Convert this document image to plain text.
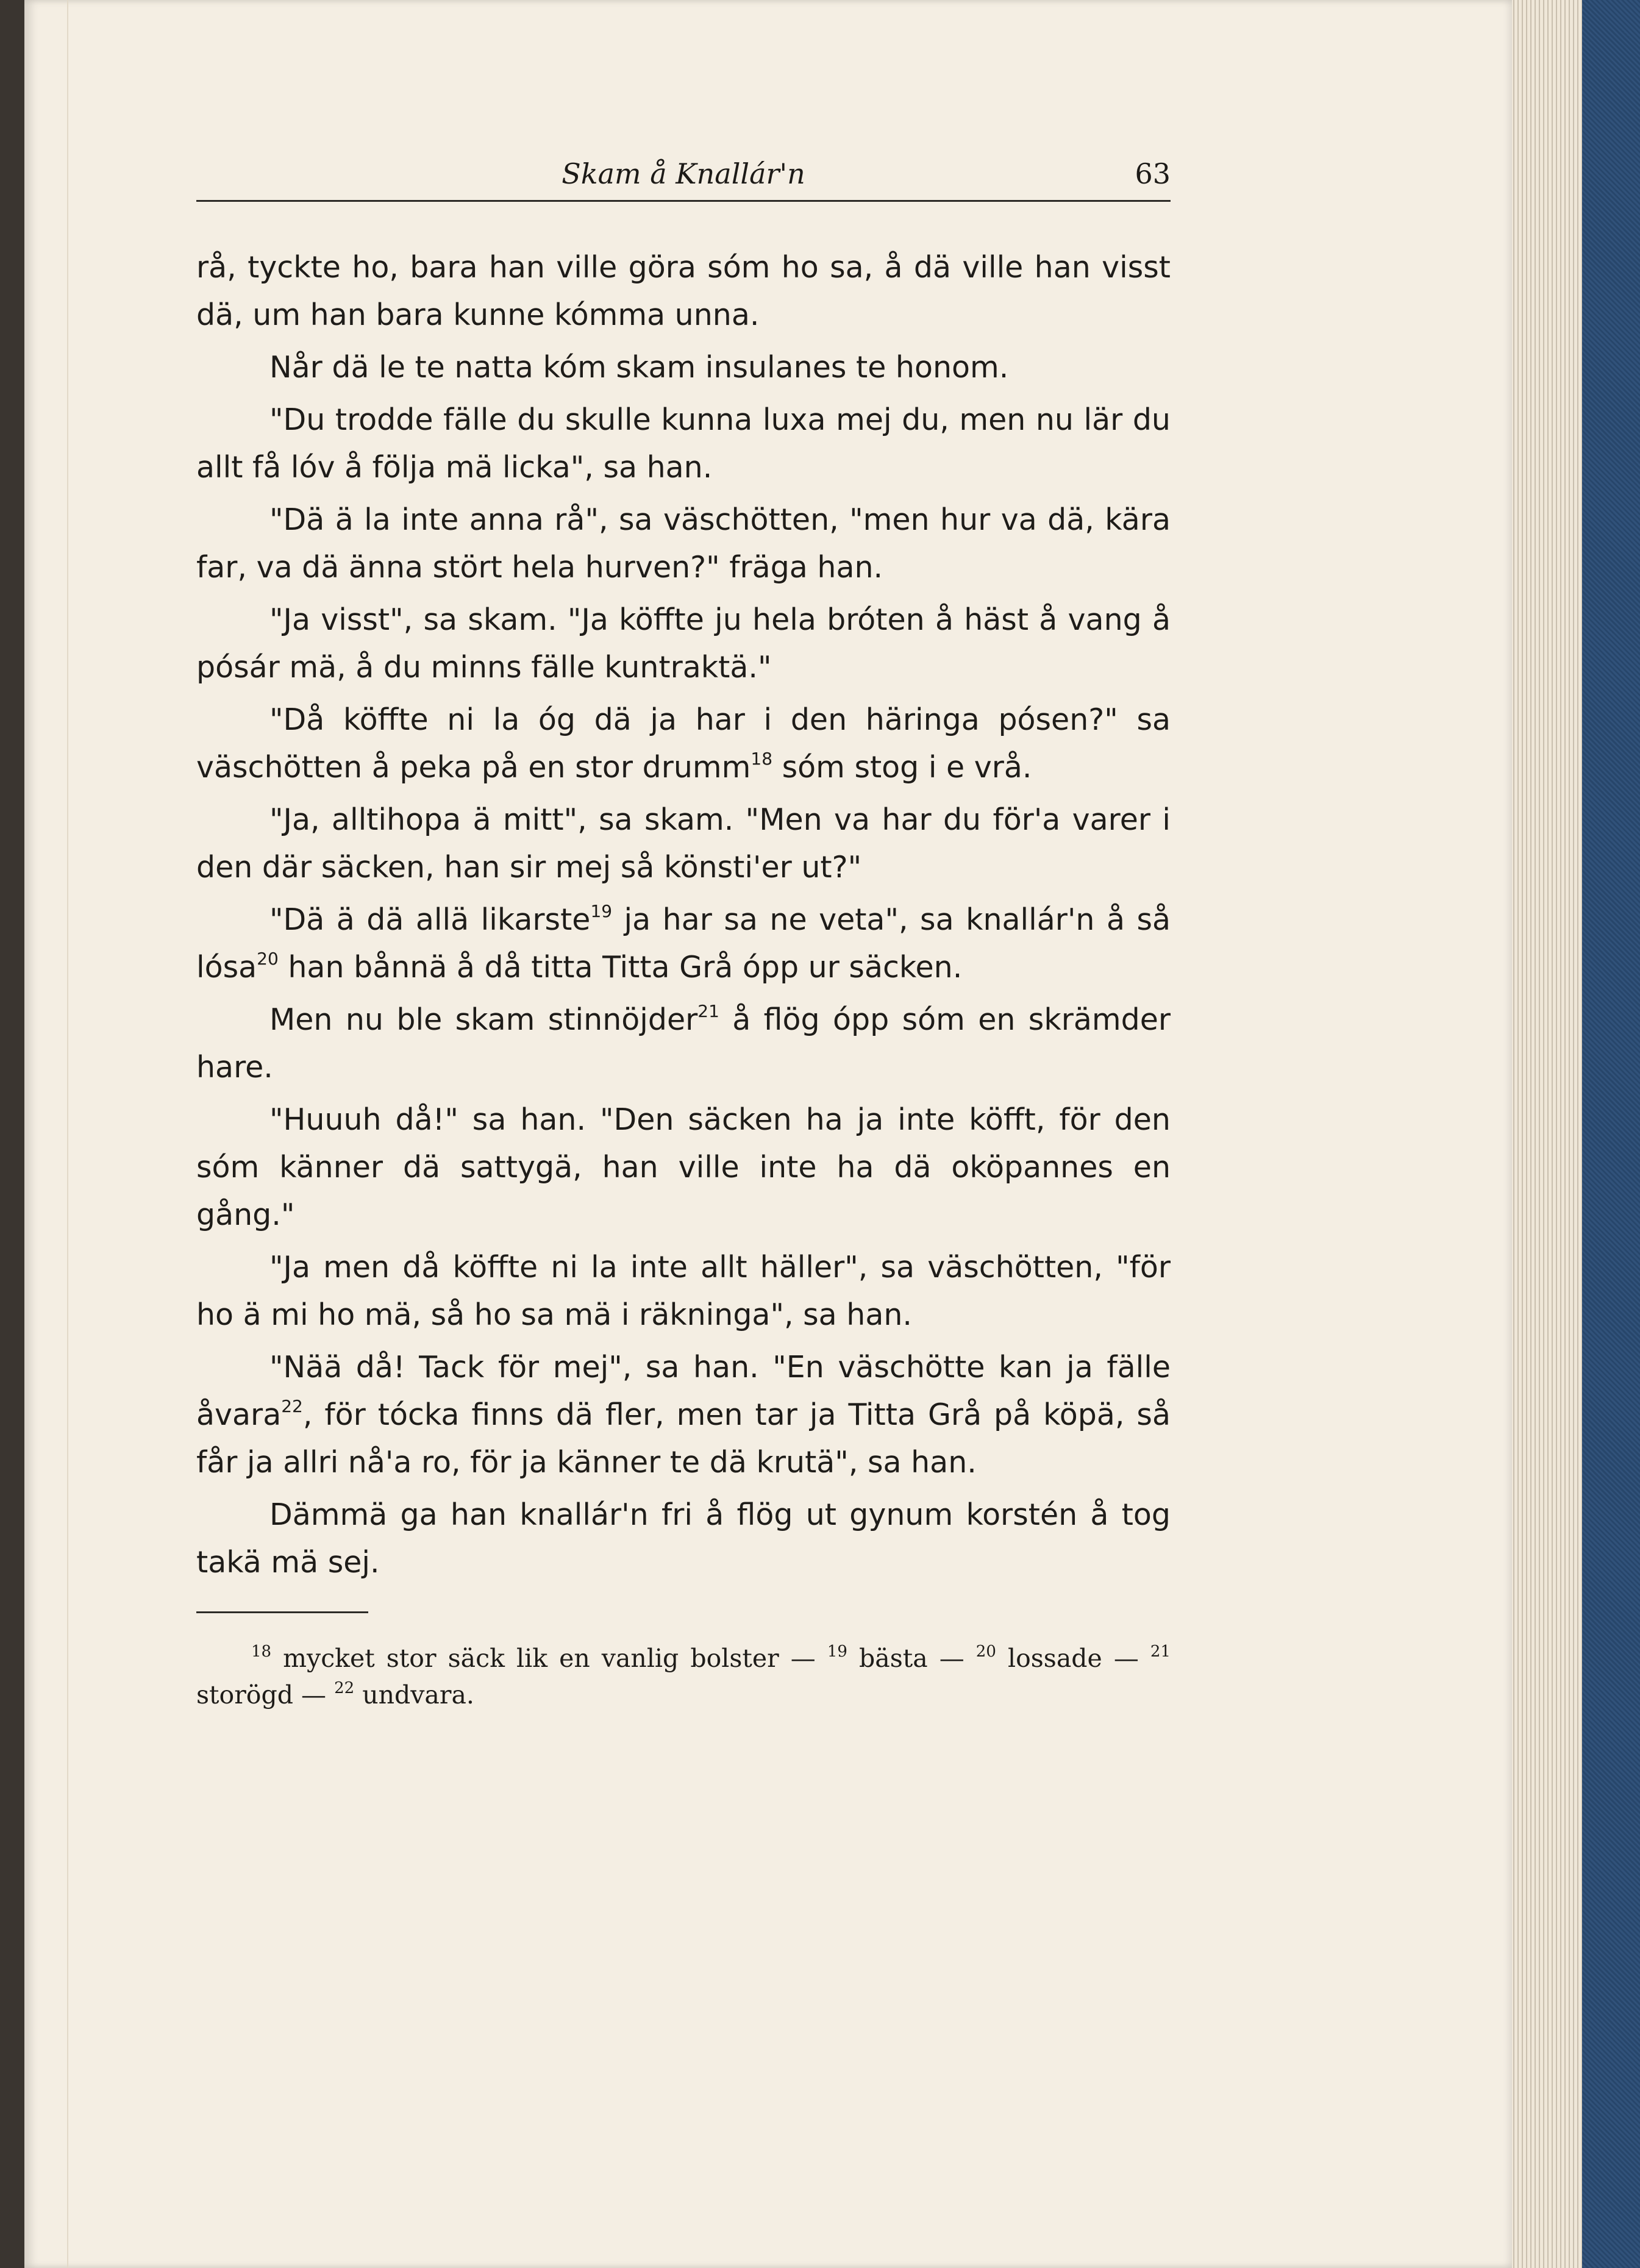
Skam å Knallár'n	63

rå, tyckte ho, bara han ville göra sóm ho sa, å dä ville han visst dä, um han bara kunne kómma unna.

Når dä le te natta kóm skam insulanes te honom.

"Du trodde fälle du skulle kunna luxa mej du, men nu lär du allt få lóv å följa mä licka", sa han.

"Dä ä la inte anna rå", sa väschötten, "men hur va dä, kära far, va dä änna stört hela hurven?" fräga han.

"Ja visst", sa skam. "Ja köffte ju hela bróten å häst å vang å pósár mä, å du minns fälle kuntraktä."

"Då köffte ni la óg dä ja har i den häringa pósen?" sa väschötten å peka på en stor drumm$^{18}$ sóm stog i e vrå.

"Ja, alltihopa ä mitt", sa skam. "Men va har du för'a varer i den där säcken, han sir mej så könsti'er ut?"

"Dä ä dä allä likarste$^{19}$ ja har sa ne veta", sa knallár'n å så lósa$^{20}$ han bånnä å då titta Titta Grå ópp ur säcken.

Men nu ble skam stinnöjder$^{21}$ å flög ópp sóm en skrämder hare.

"Huuuh då!" sa han. "Den säcken ha ja inte köfft, för den sóm känner dä sattygä, han ville inte ha dä oköpannes en gång."

"Ja men då köffte ni la inte allt häller", sa väschötten, "för ho ä mi ho mä, så ho sa mä i räkninga", sa han.

"Nää då! Tack för mej", sa han. "En väschötte kan ja fälle åvara$^{22}$, för tócka finns dä fler, men tar ja Titta Grå på köpä, så får ja allri nå'a ro, för ja känner te dä krutä", sa han.

Dämmä ga han knallár'n fri å flög ut gynum korstén å tog takä mä sej.

$^{18}$ mycket stor säck lik en vanlig bolster — $^{19}$ bästa — $^{20}$ lossade — $^{21}$ storögd — $^{22}$ undvara.
